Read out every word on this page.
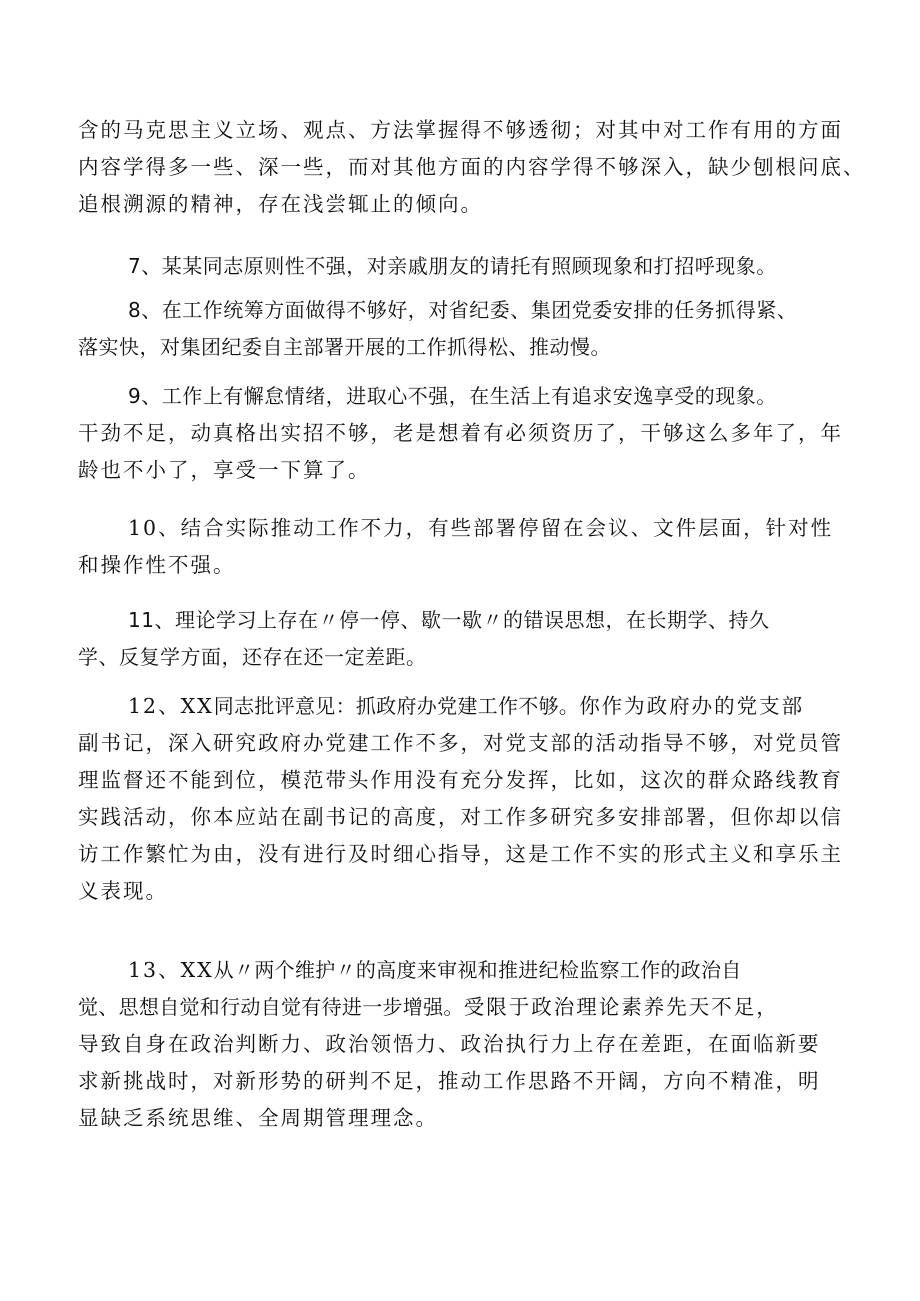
含的马克思主义立场、观点、方法掌握得不够透彻；对其中对工作有用的方面
内容学得多一些、深一些，而对其他方面的内容学得不够深入，缺少刨根问底、
追根溯源的精神，存在浅尝辄止的倾向。

7、某某同志原则性不强，对亲戚朋友的请托有照顾现象和打招呼现象。

8、在工作统筹方面做得不够好，对省纪委、集团党委安排的任务抓得紧、
落实快，对集团纪委自主部署开展的工作抓得松、推动慢。

9、工作上有懈怠情绪，进取心不强，在生活上有追求安逸享受的现象。
干劲不足，动真格出实招不够，老是想着有必须资历了，干够这么多年了，年
龄也不小了，享受一下算了。

10、结合实际推动工作不力，有些部署停留在会议、文件层面，针对性
和操作性不强。

11、理论学习上存在〃停一停、歇一歇〃的错误思想，在长期学、持久
学、反复学方面，还存在还一定差距。

12、XX同志批评意见：抓政府办党建工作不够。你作为政府办的党支部
副书记，深入研究政府办党建工作不多，对党支部的活动指导不够，对党员管
理监督还不能到位，模范带头作用没有充分发挥，比如，这次的群众路线教育
实践活动，你本应站在副书记的高度，对工作多研究多安排部署，但你却以信
访工作繁忙为由，没有进行及时细心指导，这是工作不实的形式主义和享乐主
义表现。

13、XX从〃两个维护〃的高度来审视和推进纪检监察工作的政治自
觉、思想自觉和行动自觉有待进一步增强。受限于政治理论素养先天不足，
导致自身在政治判断力、政治领悟力、政治执行力上存在差距，在面临新要
求新挑战时，对新形势的研判不足，推动工作思路不开阔，方向不精准，明
显缺乏系统思维、全周期管理理念。
